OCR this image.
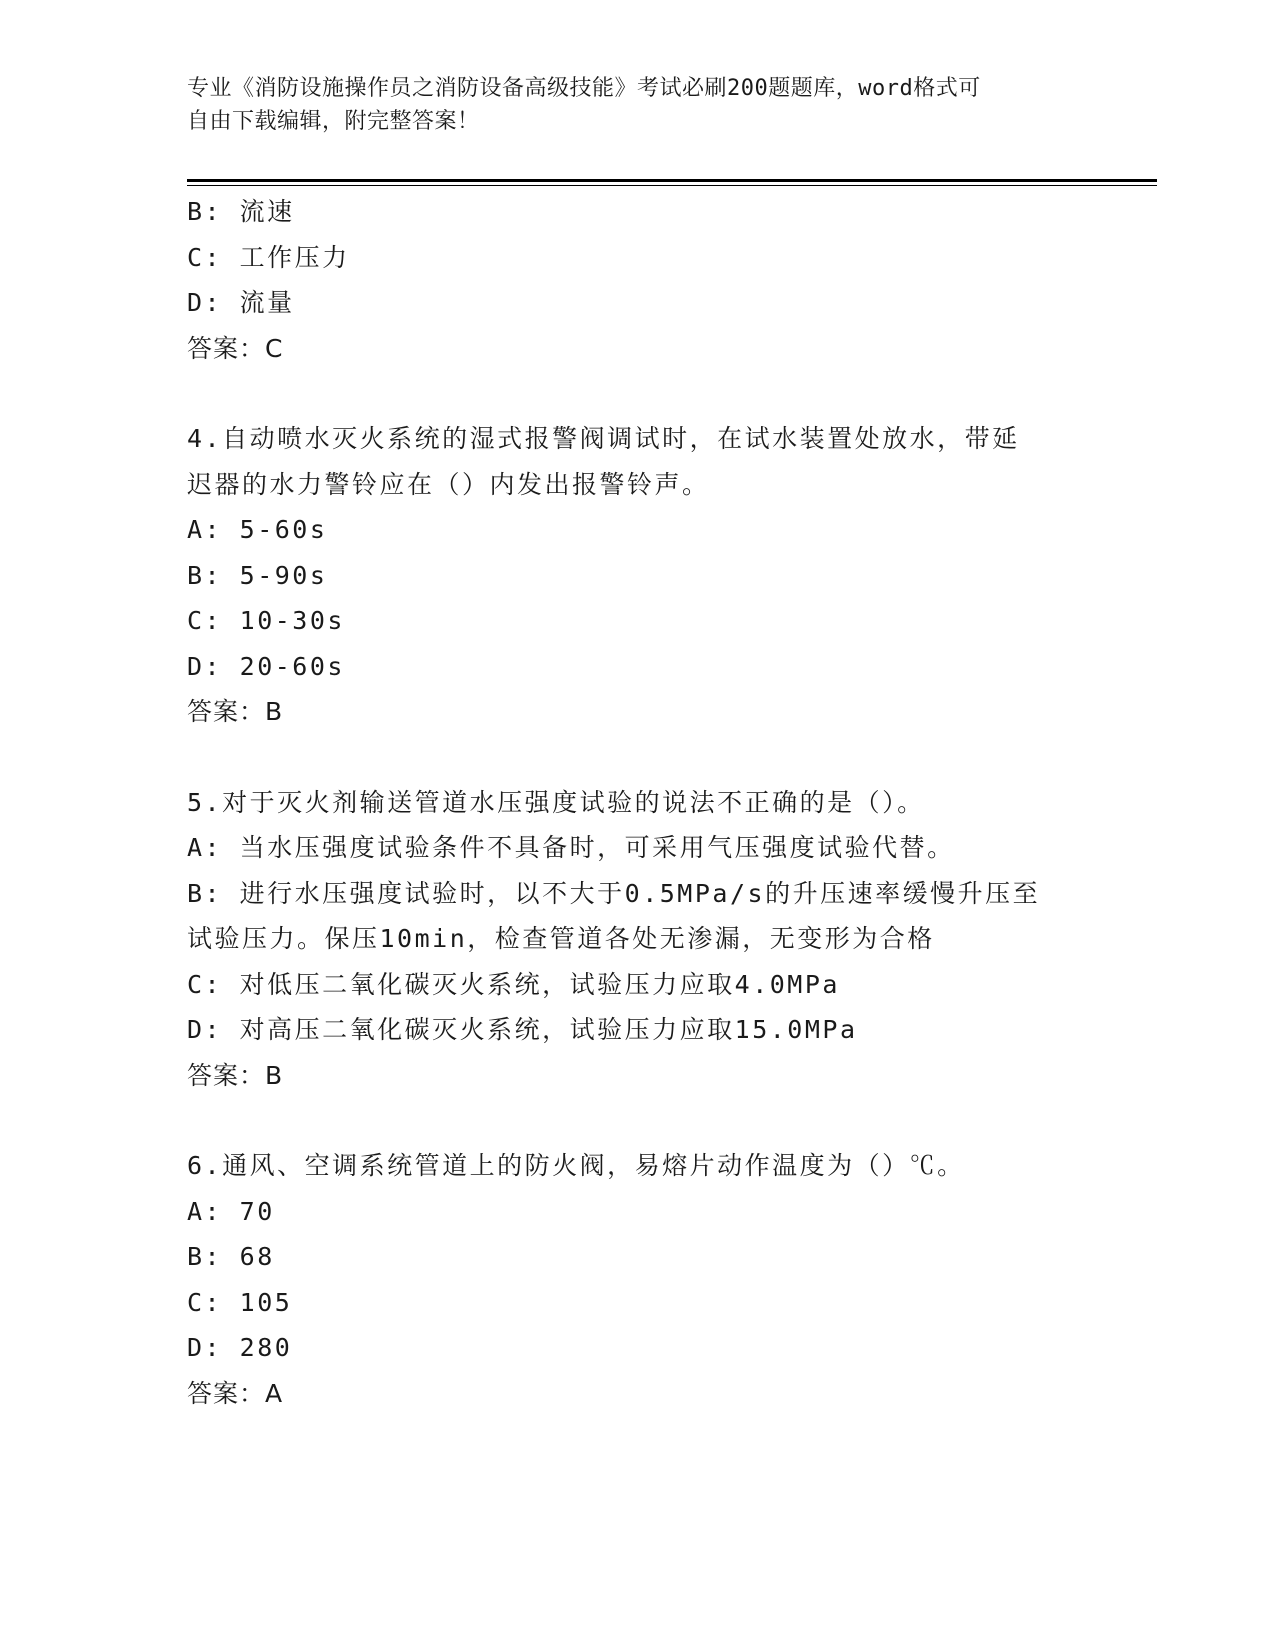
专业《消防设施操作员之消防设备高级技能》考试必刷200题题库，word格式可
自由下载编辑，附完整答案！
B: 流速
C: 工作压力
D: 流量
答案：C
4.自动喷水灭火系统的湿式报警阀调试时，在试水装置处放水，带延
迟器的水力警铃应在（）内发出报警铃声。
A: 5-60s
B: 5-90s
C: 10-30s
D: 20-60s
答案：B
5.对于灭火剂输送管道水压强度试验的说法不正确的是（）。
A: 当水压强度试验条件不具备时，可采用气压强度试验代替。
B: 进行水压强度试验时，以不大于0.5MPa/s的升压速率缓慢升压至
试验压力。保压10min，检查管道各处无渗漏，无变形为合格
C: 对低压二氧化碳灭火系统，试验压力应取4.0MPa
D: 对高压二氧化碳灭火系统，试验压力应取15.0MPa
答案：B
6.通风、空调系统管道上的防火阀，易熔片动作温度为（）℃。
A: 70
B: 68
C: 105
D: 280
答案：A
